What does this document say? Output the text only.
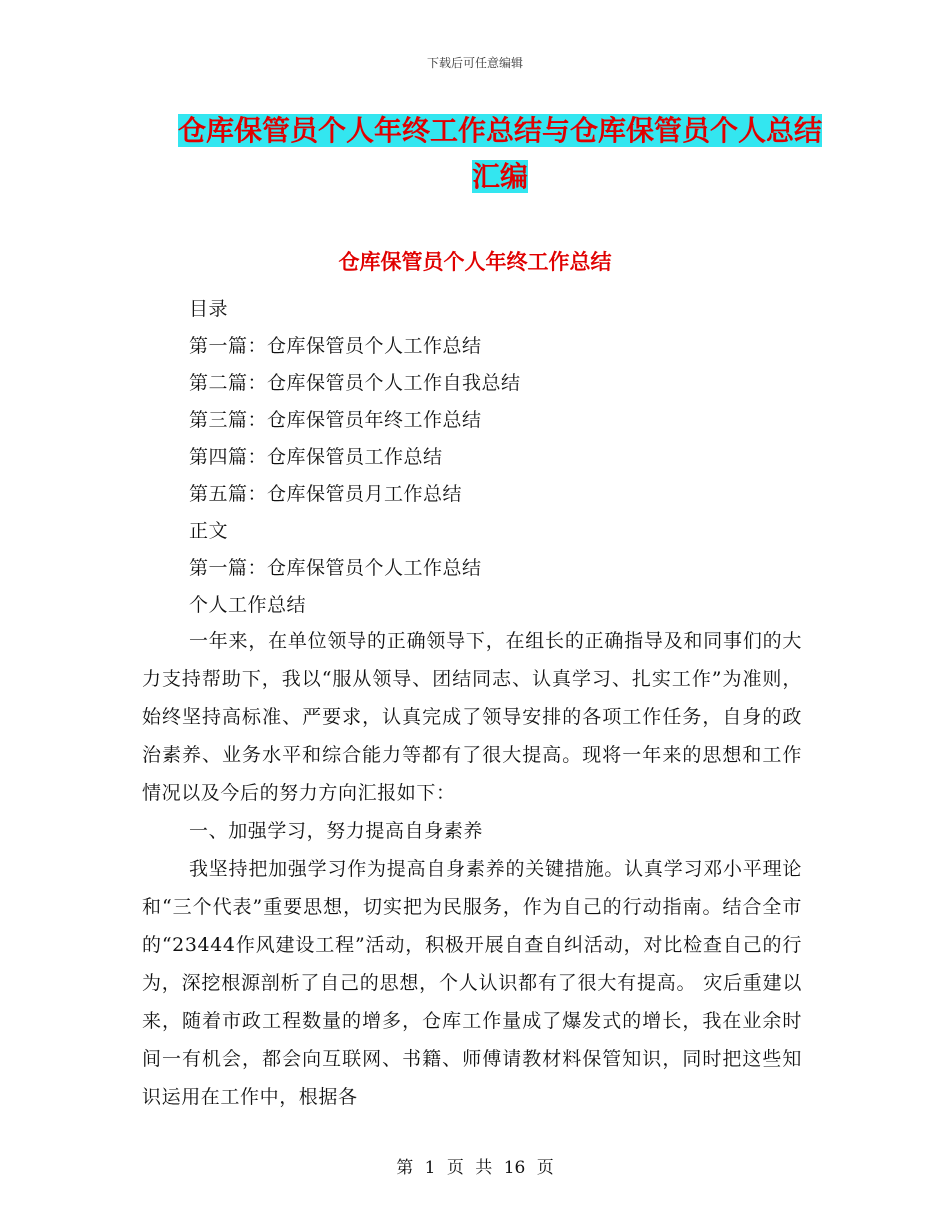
下载后可任意编辑
仓库保管员个人年终工作总结与仓库保管员个人总结
汇编
仓库保管员个人年终工作总结
目录
第一篇：仓库保管员个人工作总结
第二篇：仓库保管员个人工作自我总结
第三篇：仓库保管员年终工作总结
第四篇：仓库保管员工作总结
第五篇：仓库保管员月工作总结
正文
第一篇：仓库保管员个人工作总结
个人工作总结

一年来，在单位领导的正确领导下，在组长的正确指导及和同事们的大力支持帮助下，我以“服从领导、团结同志、认真学习、扎实工作”为准则，始终坚持高标准、严要求，认真完成了领导安排的各项工作任务，自身的政治素养、业务水平和综合能力等都有了很大提高。现将一年来的思想和工作情况以及今后的努力方向汇报如下：

一、加强学习，努力提高自身素养

我坚持把加强学习作为提高自身素养的关键措施。认真学习邓小平理论和“三个代表”重要思想，切实把为民服务，作为自己的行动指南。结合全市的“23444作风建设工程”活动，积极开展自查自纠活动，对比检查自己的行为，深挖根源剖析了自己的思想，个人认识都有了很大有提高。 灾后重建以来，随着市政工程数量的增多，仓库工作量成了爆发式的增长，我在业余时间一有机会，都会向互联网、书籍、师傅请教材料保管知识，同时把这些知识运用在工作中，根据各

第 1 页 共 16 页
